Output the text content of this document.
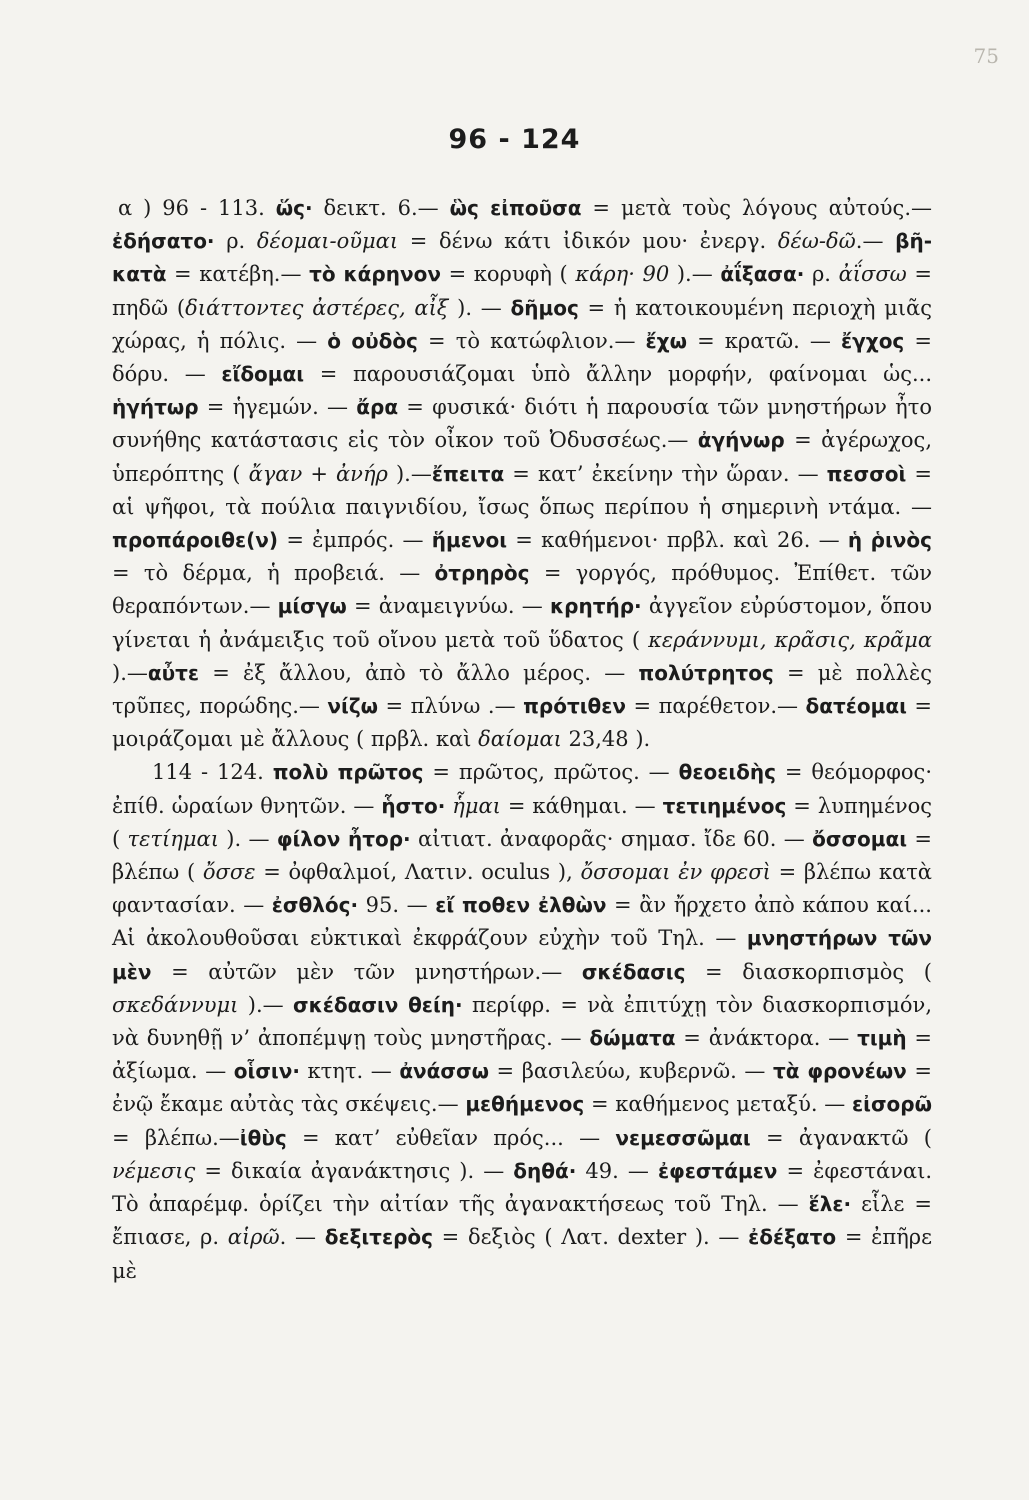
75
96 - 124

α ) 96 - 113. ὥς· δεικτ. 6.— ὣς εἰποῦσα = μετὰ τοὺς λόγους αὐτούς.— ἐδήσατο· ρ. δέομαι-οῦμαι = δένω κάτι ἰδικόν μου· ἐνεργ. δέω-δῶ.— βῆ-κατὰ = κατέβη.— τὸ κάρηνον = κορυφὴ ( κάρη· 90 ).— ἀΐξασα· ρ. ἀΐσσω = πηδῶ (διάττοντες ἀστέρες, αἶξ ). — δῆμος = ἡ κατοικουμένη περιοχὴ μιᾶς χώρας, ἡ πόλις. — ὁ οὐδὸς = τὸ κατώφλιον.— ἔχω = κρατῶ. — ἔγχος = δόρυ. — εἴδομαι = παρουσιάζομαι ὑπὸ ἄλλην μορφήν, φαίνομαι ὡς... ἡγήτωρ = ἡγεμών. — ἄρα = φυσικά· διότι ἡ παρουσία τῶν μνηστήρων ἦτο συνήθης κατάστασις εἰς τὸν οἶκον τοῦ Ὀδυσσέως.— ἀγήνωρ = ἀγέρωχος, ὑπερόπτης ( ἄγαν + ἀνήρ ).—ἔπειτα = κατ’ ἐκείνην τὴν ὥραν. — πεσσοὶ = αἱ ψῆφοι, τὰ πούλια παιγνιδίου, ἴσως ὅπως περίπου ἡ σημερινὴ ντάμα. — προπάροιθε(ν) = ἐμπρός. — ἥμενοι = καθήμενοι· πρβλ. καὶ 26. — ἡ ῥινὸς = τὸ δέρμα, ἡ προβειά. — ὀτρηρὸς = γοργός, πρόθυμος. Ἐπίθετ. τῶν θεραπόντων.— μίσγω = ἀναμειγνύω. — κρητήρ· ἀγγεῖον εὐρύστομον, ὅπου γίνεται ἡ ἀνάμειξις τοῦ οἴνου μετὰ τοῦ ὕδατος ( κεράννυμι, κρᾶσις, κρᾶμα ).—αὖτε = ἐξ ἄλλου, ἀπὸ τὸ ἄλλο μέρος. — πολύτρητος = μὲ πολλὲς τρῦπες, πορώδης.— νίζω = πλύνω .— πρότιθεν = παρέθετον.— δατέομαι = μοιράζομαι μὲ ἄλλους ( πρβλ. καὶ δαίομαι 23,48 ).

114 - 124. πολὺ πρῶτος = πρῶτος, πρῶτος. — θεοειδὴς = θεόμορφος· ἐπίθ. ὡραίων θνητῶν. — ἧστο· ἧμαι = κάθημαι. — τετιημένος = λυπημένος ( τετίημαι ). — φίλον ἦτορ· αἰτιατ. ἀναφορᾶς· σημασ. ἴδε 60. — ὄσσομαι = βλέπω ( ὄσσε = ὀφθαλμοί, Λατιν. oculus ), ὄσσομαι ἐν φρεσὶ = βλέπω κατὰ φαντασίαν. — ἐσθλός· 95. — εἴ ποθεν ἐλθὼν = ἂν ἤρχετο ἀπὸ κάπου καί... Αἱ ἀκολουθοῦσαι εὐκτικαὶ ἐκφράζουν εὐχὴν τοῦ Τηλ. — μνηστήρων τῶν μὲν = αὐτῶν μὲν τῶν μνηστήρων.— σκέδασις = διασκορπισμὸς ( σκεδάννυμι ).— σκέδασιν θείη· περίφρ. = νὰ ἐπιτύχῃ τὸν διασκορπισμόν, νὰ δυνηθῇ ν’ ἀποπέμψῃ τοὺς μνηστῆρας. — δώματα = ἀνάκτορα. — τιμὴ = ἀξίωμα. — οἷσιν· κτητ. — ἀνάσσω = βασιλεύω, κυβερνῶ. — τὰ φρονέων = ἐνῷ ἔκαμε αὐτὰς τὰς σκέψεις.— μεθήμενος = καθήμενος μεταξύ. — εἰσορῶ = βλέπω.—ἰθὺς = κατ’ εὐθεῖαν πρός... — νεμεσσῶμαι = ἀγανακτῶ ( νέμεσις = δικαία ἀγανάκτησις ). — δηθά· 49. — ἐφεστάμεν = ἐφεστάναι. Τὸ ἀπαρέμφ. ὁρίζει τὴν αἰτίαν τῆς ἀγανακτήσεως τοῦ Τηλ. — ἕλε· εἷλε = ἔπιασε, ρ. αἱρῶ. — δεξιτερὸς = δεξιὸς ( Λατ. dexter ). — ἐδέξατο = ἐπῆρε μὲ
